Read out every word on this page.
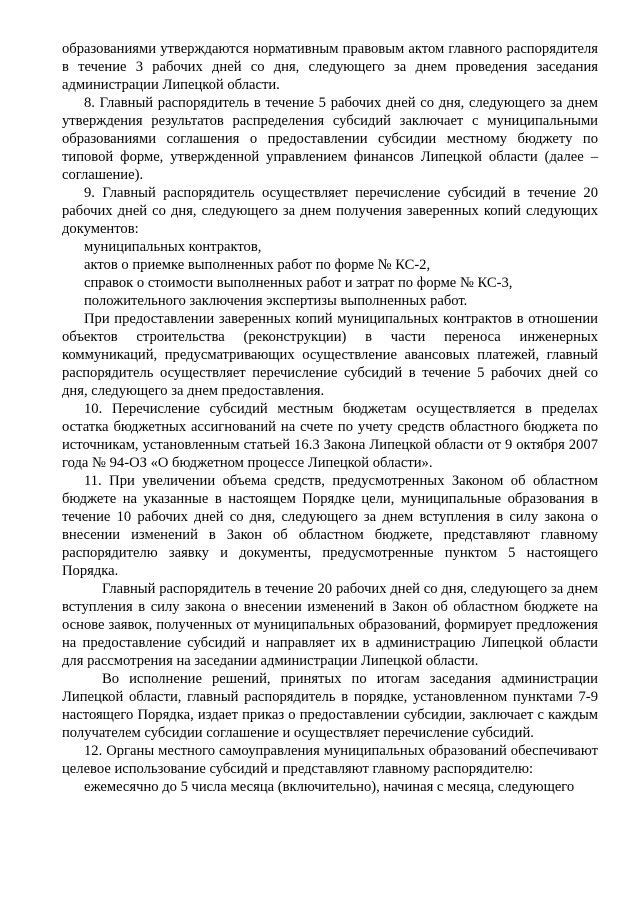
образованиями утверждаются нормативным правовым актом главного распорядителя в течение 3 рабочих дней со дня, следующего за днем проведения заседания администрации Липецкой области.

8. Главный распорядитель в течение 5 рабочих дней со дня, следующего за днем утверждения результатов распределения субсидий заключает с муниципальными образованиями соглашения о предоставлении субсидии местному бюджету по типовой форме, утвержденной управлением финансов Липецкой области (далее – соглашение).

9. Главный распорядитель осуществляет перечисление субсидий в течение 20 рабочих дней со дня, следующего за днем получения заверенных копий следующих документов:

муниципальных контрактов,

актов о приемке выполненных работ по форме № КС-2,

справок о стоимости выполненных работ и затрат по форме № КС-3,

положительного заключения экспертизы выполненных работ.

При предоставлении заверенных копий муниципальных контрактов в отношении объектов строительства (реконструкции) в части переноса инженерных коммуникаций, предусматривающих осуществление авансовых платежей, главный распорядитель осуществляет перечисление субсидий в течение 5 рабочих дней со дня, следующего за днем предоставления.

10. Перечисление субсидий местным бюджетам осуществляется в пределах остатка бюджетных ассигнований на счете по учету средств областного бюджета по источникам, установленным статьей 16.3 Закона Липецкой области от 9 октября 2007 года № 94-ОЗ «О бюджетном процессе Липецкой области».

11. При увеличении объема средств, предусмотренных Законом об областном бюджете на указанные в настоящем Порядке цели, муниципальные образования в течение 10 рабочих дней со дня, следующего за днем вступления в силу закона о внесении изменений в Закон об областном бюджете, представляют главному распорядителю заявку и документы, предусмотренные пунктом 5 настоящего Порядка.

Главный распорядитель в течение 20 рабочих дней со дня, следующего за днем вступления в силу закона о внесении изменений в Закон об областном бюджете на основе заявок, полученных от муниципальных образований, формирует предложения на предоставление субсидий и направляет их в администрацию Липецкой области для рассмотрения на заседании администрации Липецкой области.

Во исполнение решений, принятых по итогам заседания администрации Липецкой области, главный распорядитель в порядке, установленном пунктами 7-9 настоящего Порядка, издает приказ о предоставлении субсидии, заключает с каждым получателем субсидии соглашение и осуществляет перечисление субсидий.

12. Органы местного самоуправления муниципальных образований обеспечивают целевое использование субсидий и представляют главному распорядителю:

ежемесячно до 5 числа месяца (включительно), начиная с месяца, следующего
